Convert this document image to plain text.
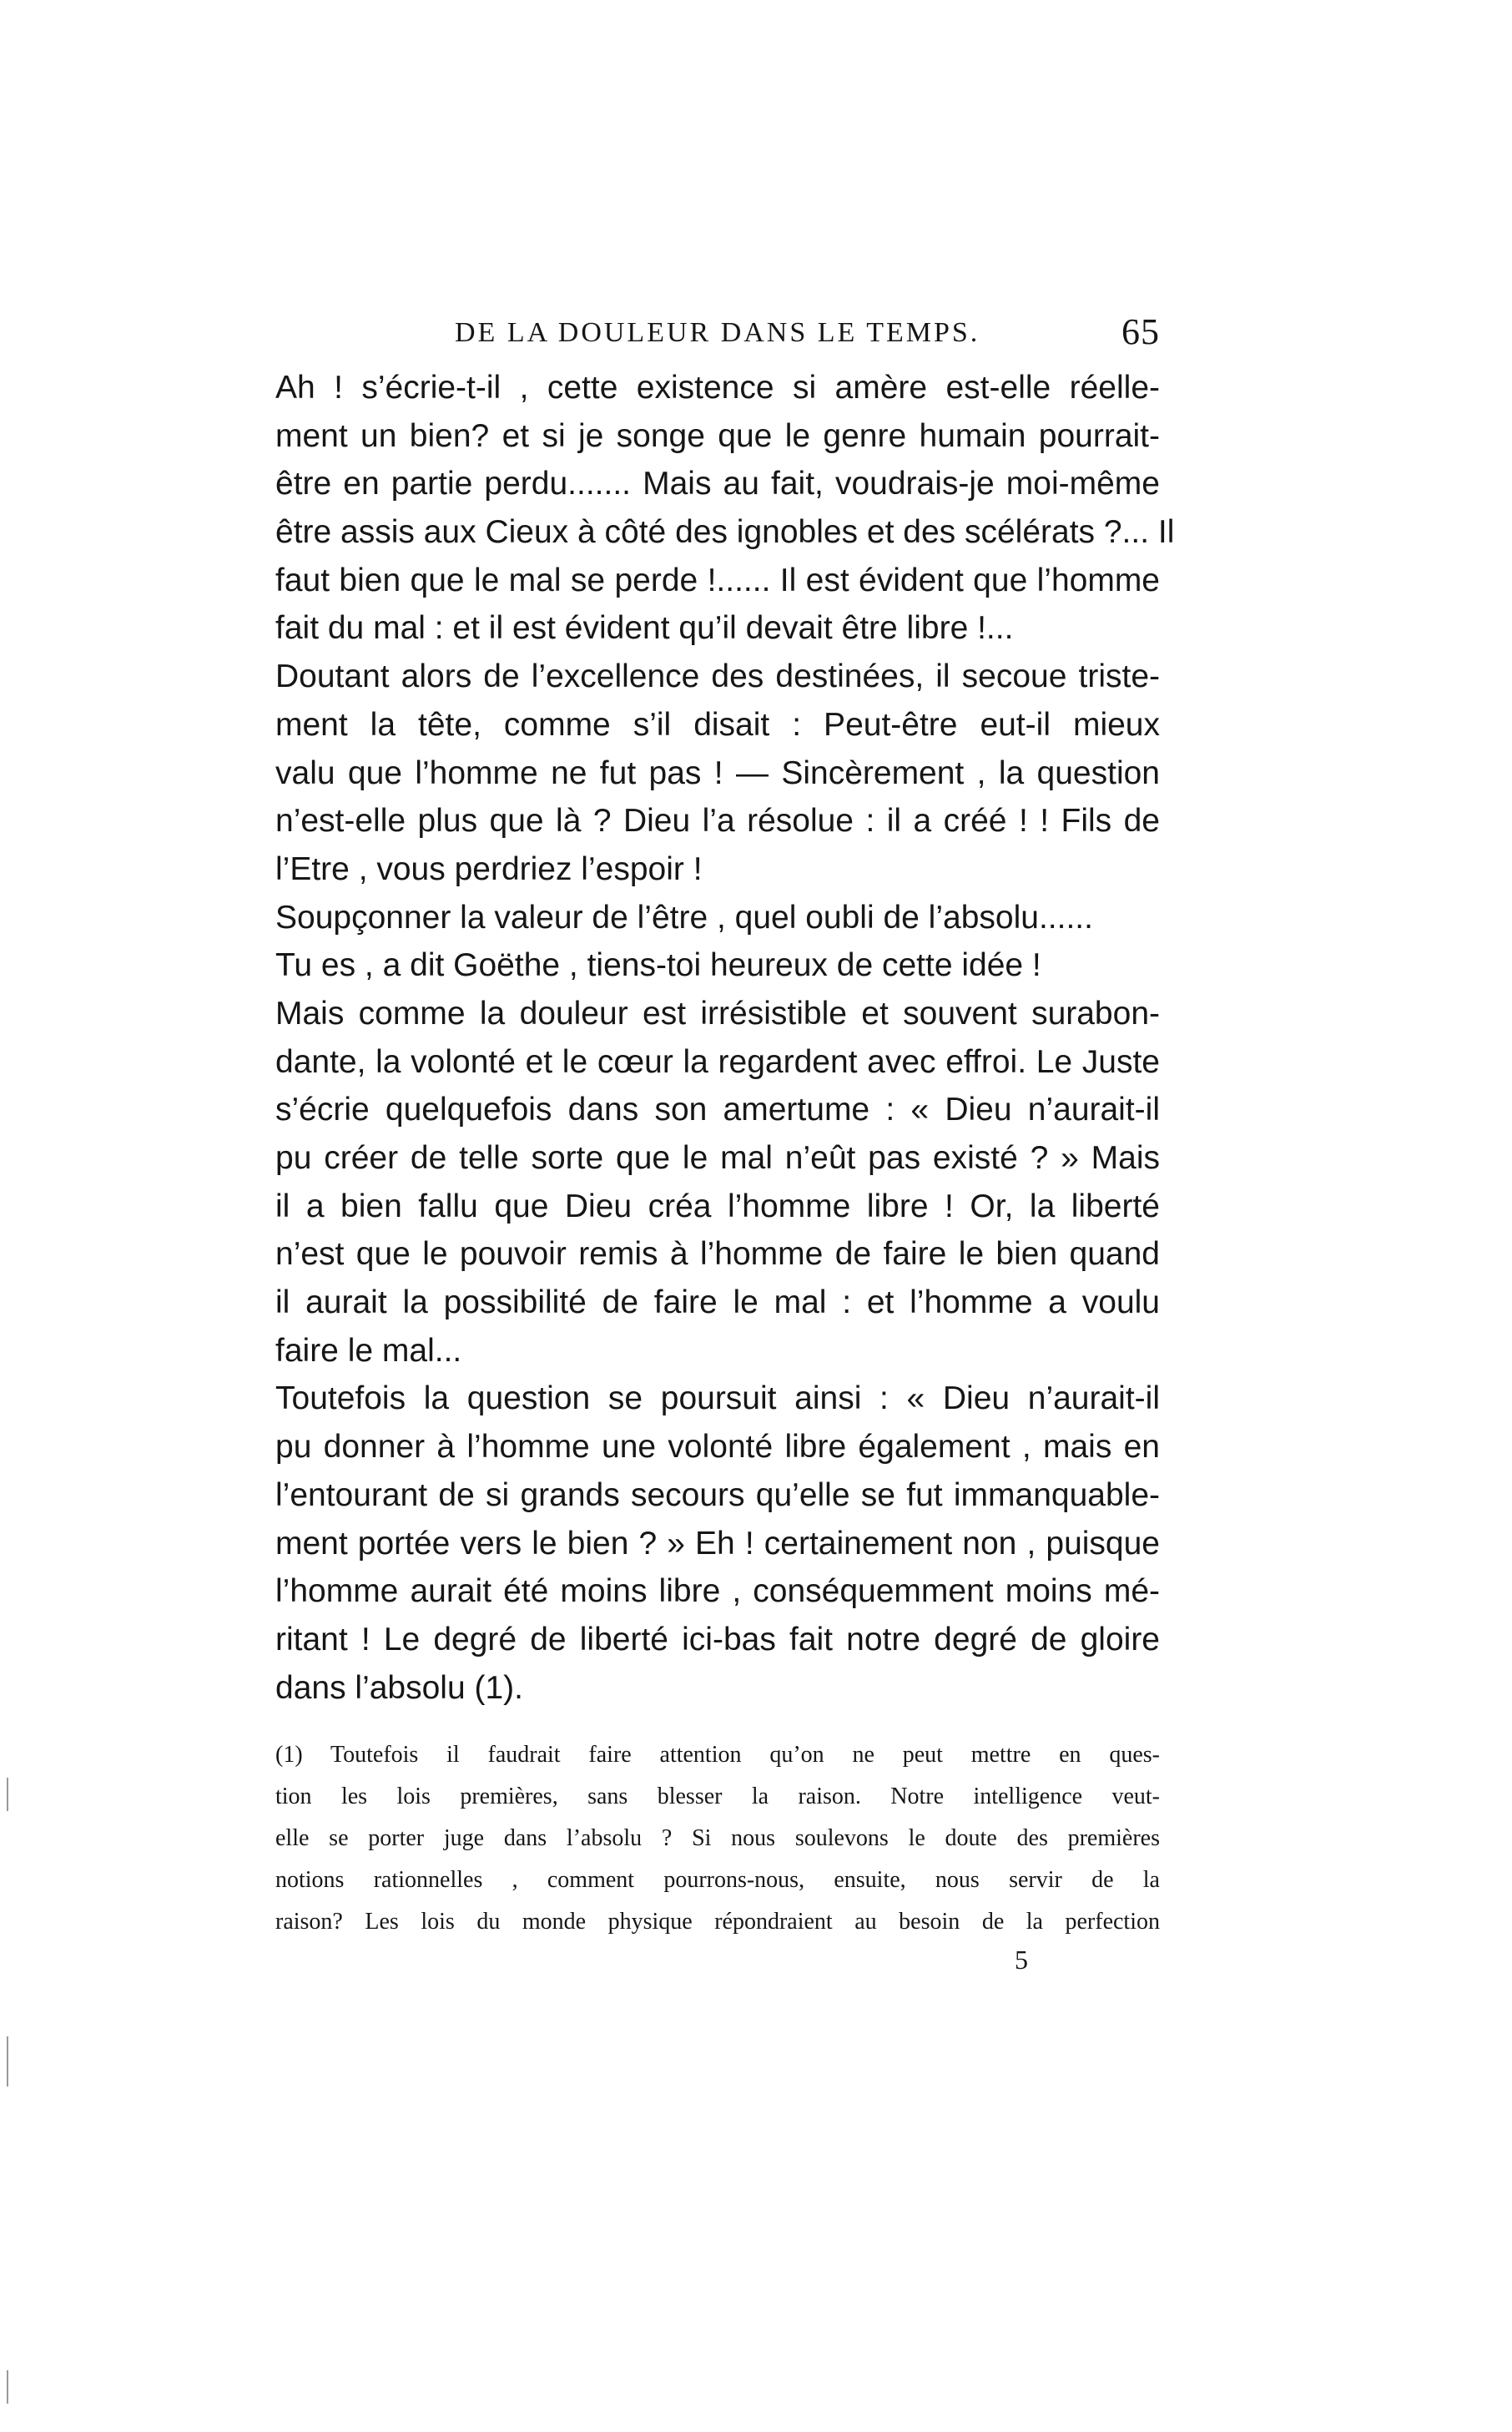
DE LA DOULEUR DANS LE TEMPS.	65
Ah ! s’écrie-t-il , cette existence si amère est-elle réelle-
ment un bien? et si je songe que le genre humain pourrait-
être en partie perdu....... Mais au fait, voudrais-je moi-même
être assis aux Cieux à côté des ignobles et des scélérats ?... Il
faut bien que le mal se perde !...... Il est évident que l’homme
fait du mal : et il est évident qu’il devait être libre !...
Doutant alors de l’excellence des destinées, il secoue triste-
ment la tête, comme s’il disait : Peut-être eut-il mieux
valu que l’homme ne fut pas ! — Sincèrement , la question
n’est-elle plus que là ? Dieu l’a résolue : il a créé ! ! Fils de
l’Etre , vous perdriez l’espoir !
Soupçonner la valeur de l’être , quel oubli de l’absolu......
Tu es , a dit Goëthe , tiens-toi heureux de cette idée !
Mais comme la douleur est irrésistible et souvent surabon-
dante, la volonté et le cœur la regardent avec effroi. Le Juste
s’écrie quelquefois dans son amertume : « Dieu n’aurait-il
pu créer de telle sorte que le mal n’eût pas existé ? » Mais
il a bien fallu que Dieu créa l’homme libre ! Or, la liberté
n’est que le pouvoir remis à l’homme de faire le bien quand
il aurait la possibilité de faire le mal : et l’homme a voulu
faire le mal...
Toutefois la question se poursuit ainsi : « Dieu n’aurait-il
pu donner à l’homme une volonté libre également , mais en
l’entourant de si grands secours qu’elle se fut immanquable-
ment portée vers le bien ? » Eh ! certainement non , puisque
l’homme aurait été moins libre , conséquemment moins mé-
ritant ! Le degré de liberté ici-bas fait notre degré de gloire
dans l’absolu (1).
(1) Toutefois il faudrait faire attention qu’on ne peut mettre en ques-
tion les lois premières, sans blesser la raison. Notre intelligence veut-
elle se porter juge dans l’absolu ? Si nous soulevons le doute des premières
notions rationnelles , comment pourrons-nous, ensuite, nous servir de la
raison? Les lois du monde physique répondraient au besoin de la perfection
5
